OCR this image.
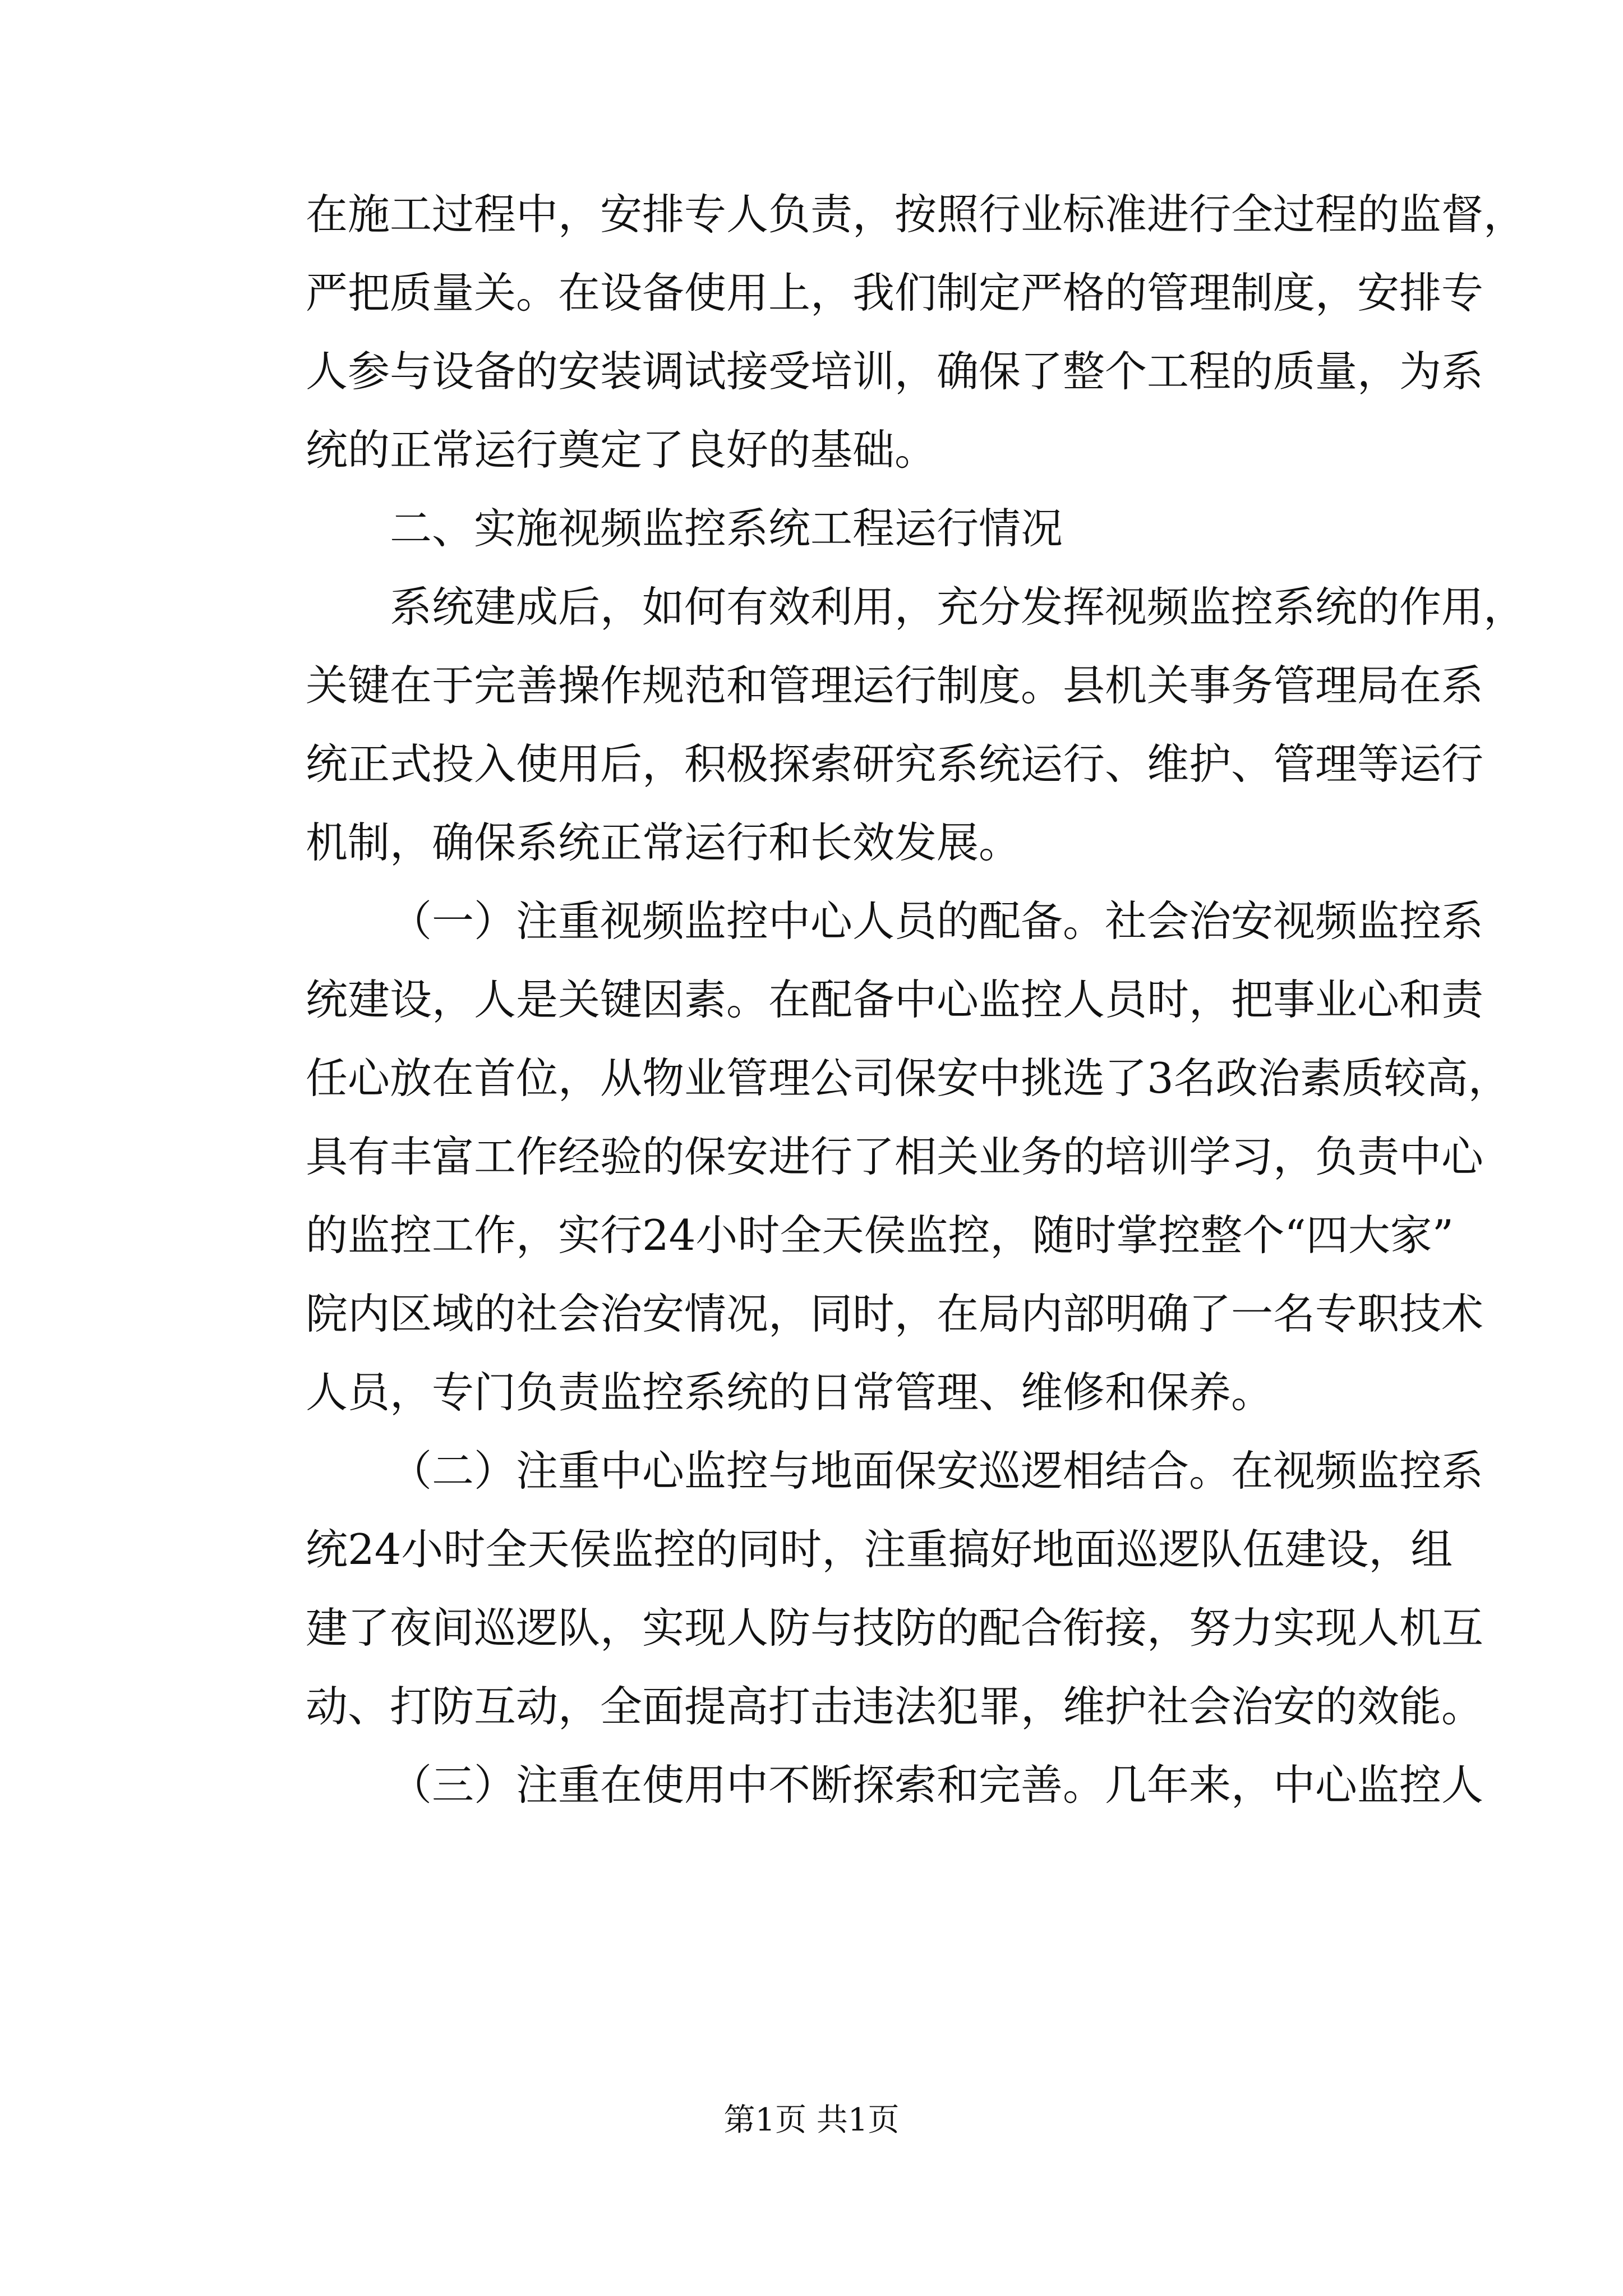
在施工过程中，安排专人负责，按照行业标准进行全过程的监督，
严把质量关。在设备使用上，我们制定严格的管理制度，安排专
人参与设备的安装调试接受培训，确保了整个工程的质量，为系
统的正常运行奠定了良好的基础。
二、实施视频监控系统工程运行情况
系统建成后，如何有效利用，充分发挥视频监控系统的作用，
关键在于完善操作规范和管理运行制度。县机关事务管理局在系
统正式投入使用后，积极探索研究系统运行、维护、管理等运行
机制，确保系统正常运行和长效发展。
（一）注重视频监控中心人员的配备。社会治安视频监控系
统建设，人是关键因素。在配备中心监控人员时，把事业心和责
任心放在首位，从物业管理公司保安中挑选了3名政治素质较高，
具有丰富工作经验的保安进行了相关业务的培训学习，负责中心
的监控工作，实行24小时全天侯监控，随时掌控整个“四大家”
院内区域的社会治安情况，同时，在局内部明确了一名专职技术
人员，专门负责监控系统的日常管理、维修和保养。
（二）注重中心监控与地面保安巡逻相结合。在视频监控系
统24小时全天侯监控的同时，注重搞好地面巡逻队伍建设，组
建了夜间巡逻队，实现人防与技防的配合衔接，努力实现人机互
动、打防互动，全面提高打击违法犯罪，维护社会治安的效能。
（三）注重在使用中不断探索和完善。几年来，中心监控人
第1页 共1页
